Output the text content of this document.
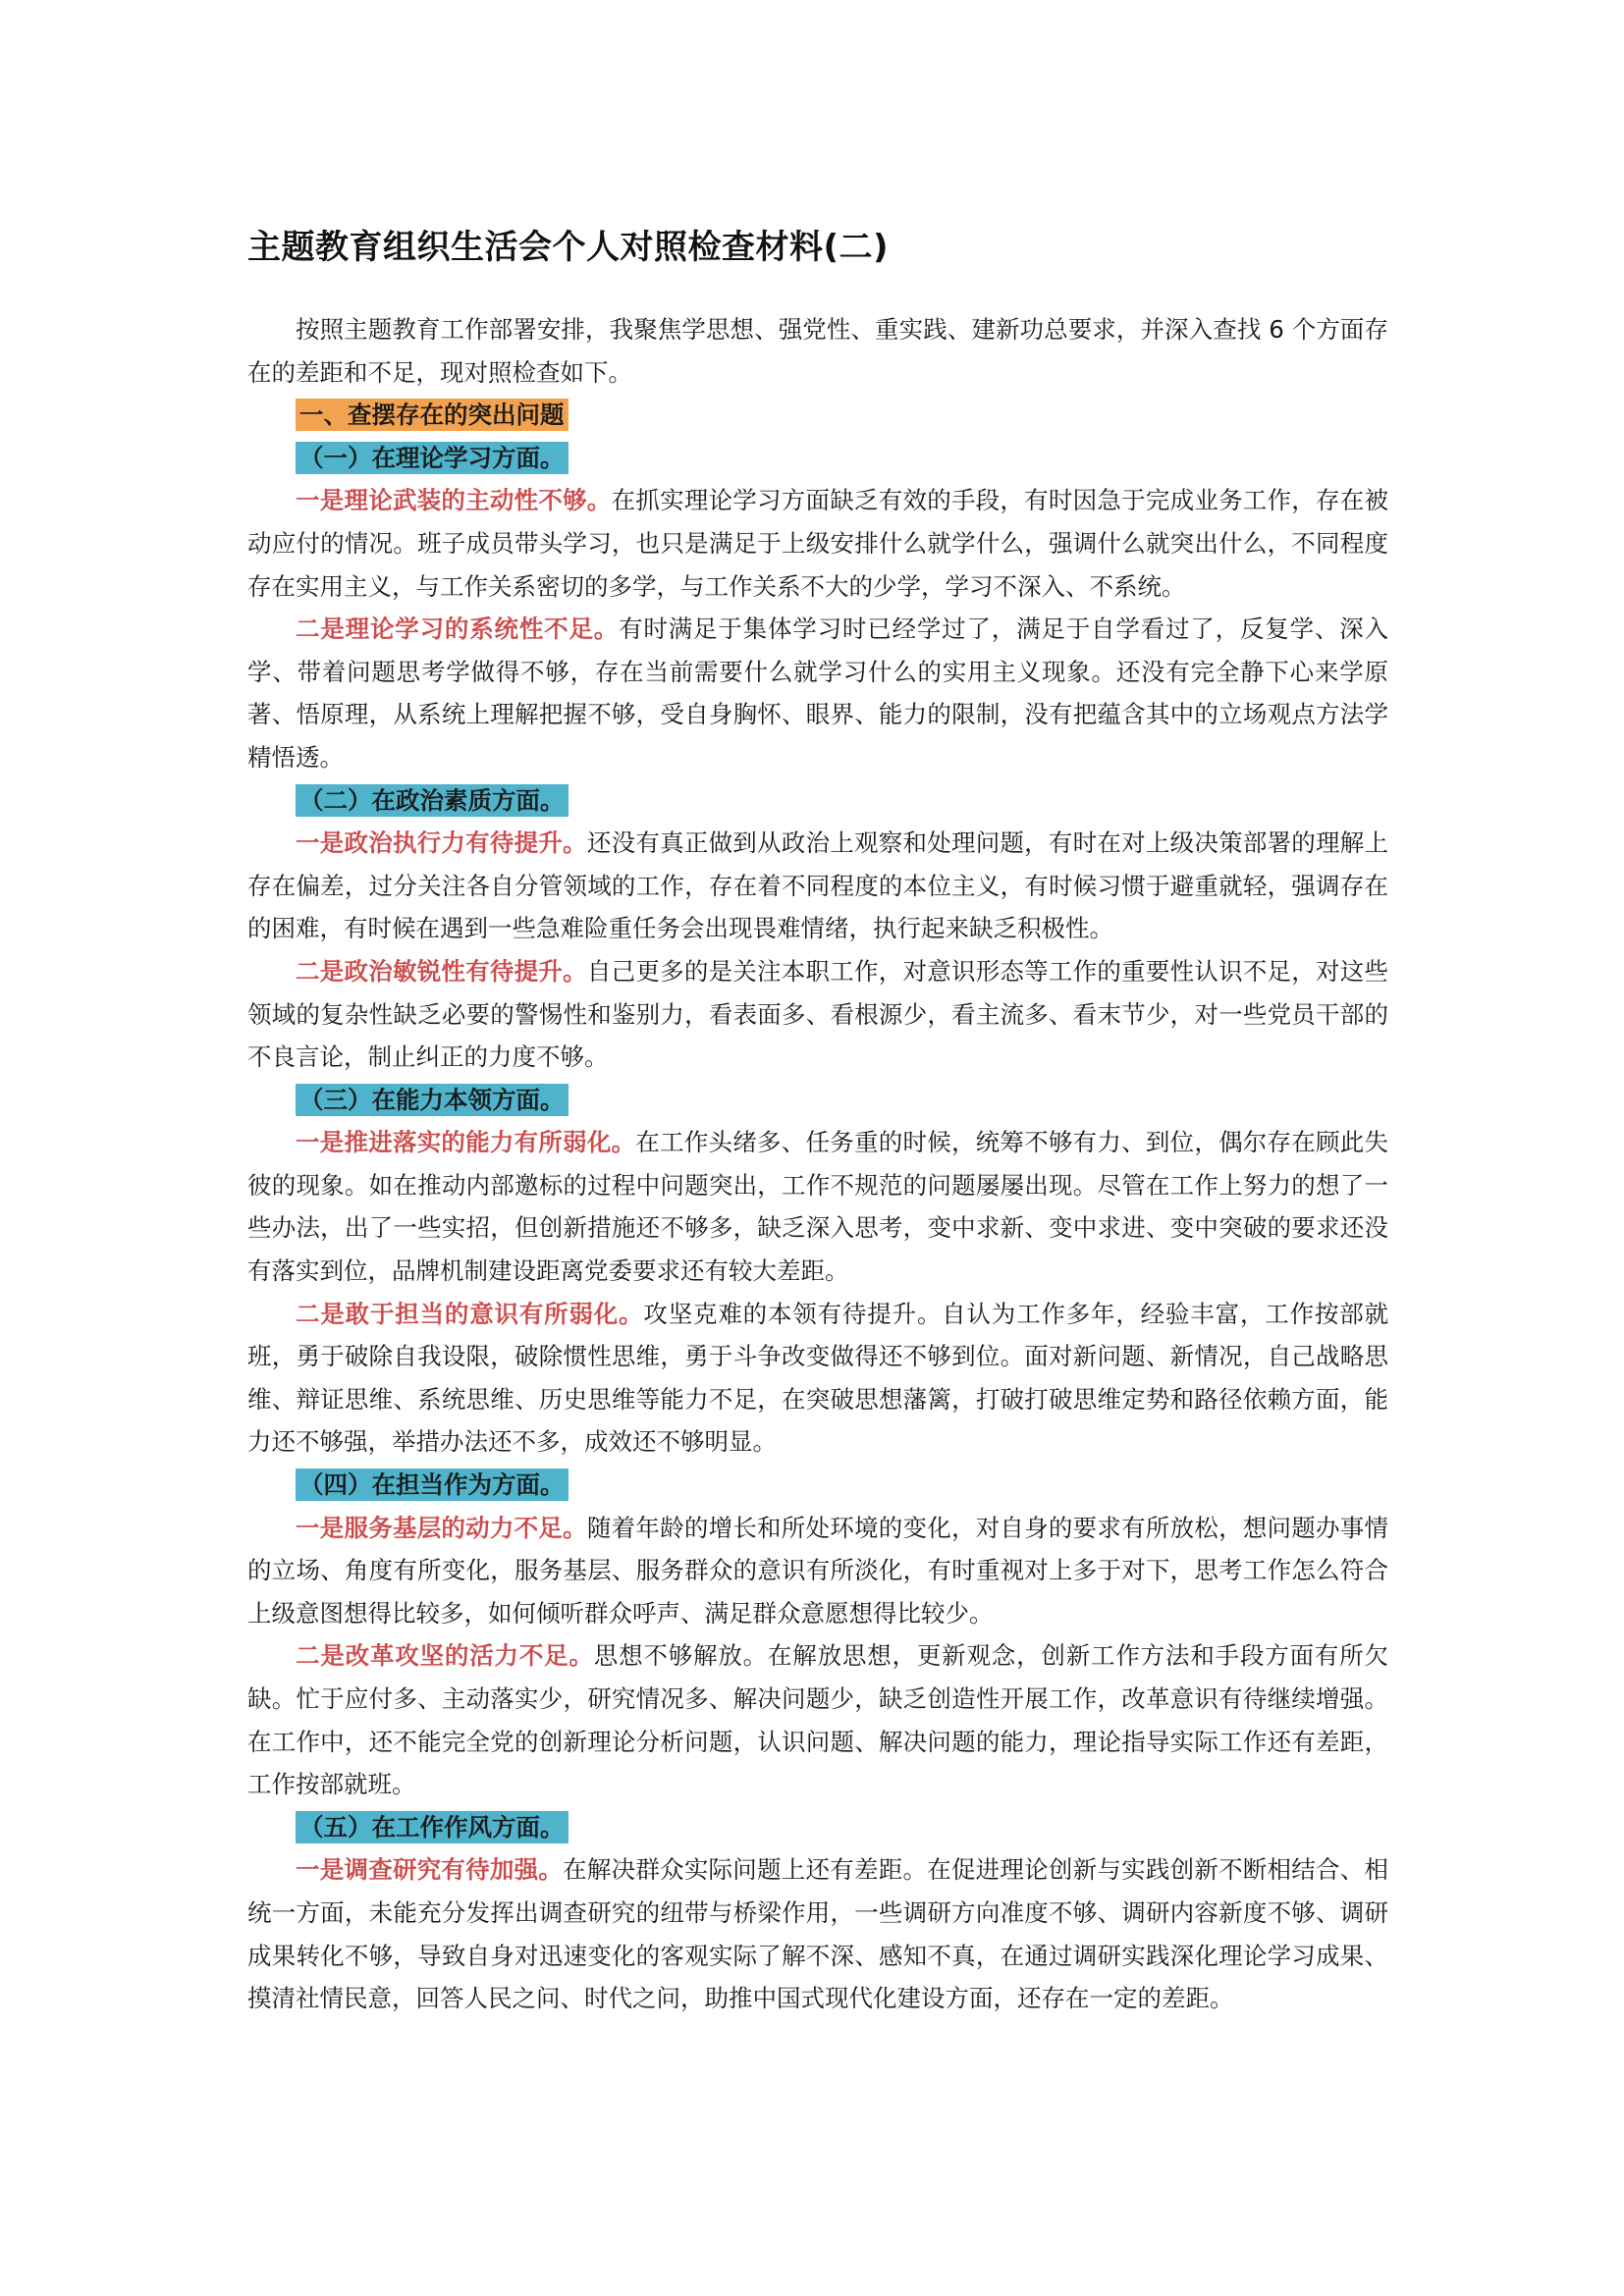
主题教育组织生活会个人对照检查材料(二)

按照主题教育工作部署安排，我聚焦学思想、强党性、重实践、建新功总要求，并深入查找 6 个方面存在的差距和不足，现对照检查如下。

一、查摆存在的突出问题

（一）在理论学习方面。

一是理论武装的主动性不够。在抓实理论学习方面缺乏有效的手段，有时因急于完成业务工作，存在被动应付的情况。班子成员带头学习，也只是满足于上级安排什么就学什么，强调什么就突出什么，不同程度存在实用主义，与工作关系密切的多学，与工作关系不大的少学，学习不深入、不系统。

二是理论学习的系统性不足。有时满足于集体学习时已经学过了，满足于自学看过了，反复学、深入学、带着问题思考学做得不够，存在当前需要什么就学习什么的实用主义现象。还没有完全静下心来学原著、悟原理，从系统上理解把握不够，受自身胸怀、眼界、能力的限制，没有把蕴含其中的立场观点方法学精悟透。

（二）在政治素质方面。

一是政治执行力有待提升。还没有真正做到从政治上观察和处理问题，有时在对上级决策部署的理解上存在偏差，过分关注各自分管领域的工作，存在着不同程度的本位主义，有时候习惯于避重就轻，强调存在的困难，有时候在遇到一些急难险重任务会出现畏难情绪，执行起来缺乏积极性。

二是政治敏锐性有待提升。自己更多的是关注本职工作，对意识形态等工作的重要性认识不足，对这些领域的复杂性缺乏必要的警惕性和鉴别力，看表面多、看根源少，看主流多、看末节少，对一些党员干部的不良言论，制止纠正的力度不够。

（三）在能力本领方面。

一是推进落实的能力有所弱化。在工作头绪多、任务重的时候，统筹不够有力、到位，偶尔存在顾此失彼的现象。如在推动内部邀标的过程中问题突出，工作不规范的问题屡屡出现。尽管在工作上努力的想了一些办法，出了一些实招，但创新措施还不够多，缺乏深入思考，变中求新、变中求进、变中突破的要求还没有落实到位，品牌机制建设距离党委要求还有较大差距。

二是敢于担当的意识有所弱化。攻坚克难的本领有待提升。自认为工作多年，经验丰富，工作按部就班，勇于破除自我设限，破除惯性思维，勇于斗争改变做得还不够到位。面对新问题、新情况，自己战略思维、辩证思维、系统思维、历史思维等能力不足，在突破思想藩篱，打破打破思维定势和路径依赖方面，能力还不够强，举措办法还不多，成效还不够明显。

（四）在担当作为方面。

一是服务基层的动力不足。随着年龄的增长和所处环境的变化，对自身的要求有所放松，想问题办事情的立场、角度有所变化，服务基层、服务群众的意识有所淡化，有时重视对上多于对下，思考工作怎么符合上级意图想得比较多，如何倾听群众呼声、满足群众意愿想得比较少。

二是改革攻坚的活力不足。思想不够解放。在解放思想，更新观念，创新工作方法和手段方面有所欠缺。忙于应付多、主动落实少，研究情况多、解决问题少，缺乏创造性开展工作，改革意识有待继续增强。在工作中，还不能完全党的创新理论分析问题，认识问题、解决问题的能力，理论指导实际工作还有差距，工作按部就班。

（五）在工作作风方面。

一是调查研究有待加强。在解决群众实际问题上还有差距。在促进理论创新与实践创新不断相结合、相统一方面，未能充分发挥出调查研究的纽带与桥梁作用，一些调研方向准度不够、调研内容新度不够、调研成果转化不够，导致自身对迅速变化的客观实际了解不深、感知不真，在通过调研实践深化理论学习成果、摸清社情民意，回答人民之问、时代之问，助推中国式现代化建设方面，还存在一定的差距。
